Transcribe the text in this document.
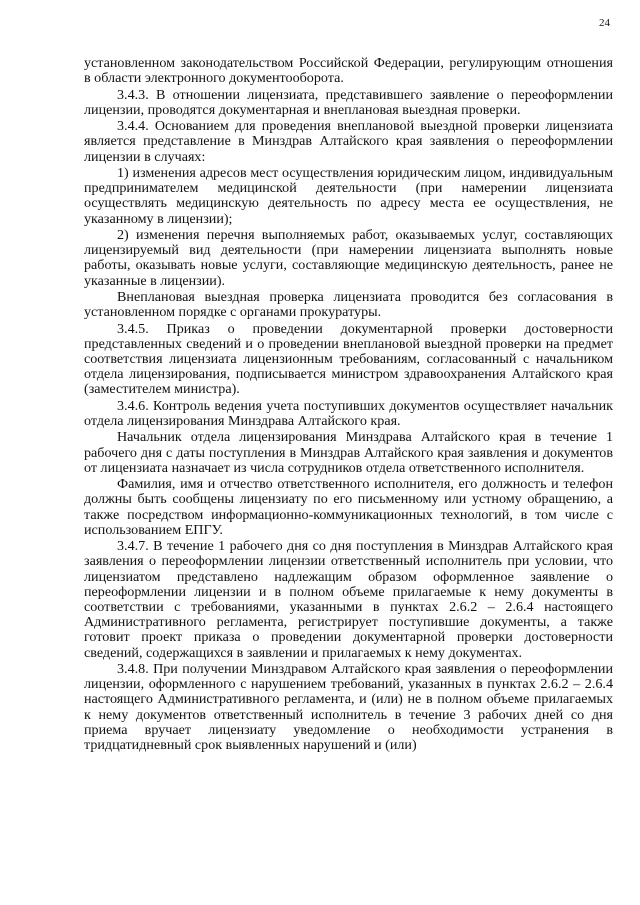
24

установленном законодательством Российской Федерации, регулирующим отношения в области электронного документооборота.

3.4.3. В отношении лицензиата, представившего заявление о переоформлении лицензии, проводятся документарная и внеплановая выездная проверки.

3.4.4. Основанием для проведения внеплановой выездной проверки лицензиата является представление в Минздрав Алтайского края заявления о переоформлении лицензии в случаях:

1) изменения адресов мест осуществления юридическим лицом, индивидуальным предпринимателем медицинской деятельности (при намерении лицензиата осуществлять медицинскую деятельность по адресу места ее осуществления, не указанному в лицензии);

2) изменения перечня выполняемых работ, оказываемых услуг, составляющих лицензируемый вид деятельности (при намерении лицензиата выполнять новые работы, оказывать новые услуги, составляющие медицинскую деятельность, ранее не указанные в лицензии).

Внеплановая выездная проверка лицензиата проводится без согласования в установленном порядке с органами прокуратуры.

3.4.5. Приказ о проведении документарной проверки достоверности представленных сведений и о проведении внеплановой выездной проверки на предмет соответствия лицензиата лицензионным требованиям, согласованный с начальником отдела лицензирования, подписывается министром здравоохранения Алтайского края (заместителем министра).

3.4.6. Контроль ведения учета поступивших документов осуществляет начальник отдела лицензирования Минздрава Алтайского края.

Начальник отдела лицензирования Минздрава Алтайского края в течение 1 рабочего дня с даты поступления в Минздрав Алтайского края заявления и документов от лицензиата назначает из числа сотрудников отдела ответственного исполнителя.

Фамилия, имя и отчество ответственного исполнителя, его должность и телефон должны быть сообщены лицензиату по его письменному или устному обращению, а также посредством информационно-коммуникационных технологий, в том числе с использованием ЕПГУ.

3.4.7. В течение 1 рабочего дня со дня поступления в Минздрав Алтайского края заявления о переоформлении лицензии ответственный исполнитель при условии, что лицензиатом представлено надлежащим образом оформленное заявление о переоформлении лицензии и в полном объеме прилагаемые к нему документы в соответствии с требованиями, указанными в пунктах 2.6.2 – 2.6.4 настоящего Административного регламента, регистрирует поступившие документы, а также готовит проект приказа о проведении документарной проверки достоверности сведений, содержащихся в заявлении и прилагаемых к нему документах.

3.4.8. При получении Минздравом Алтайского края заявления о переоформлении лицензии, оформленного с нарушением требований, указанных в пунктах 2.6.2 – 2.6.4 настоящего Административного регламента, и (или) не в полном объеме прилагаемых к нему документов ответственный исполнитель в течение 3 рабочих дней со дня приема вручает лицензиату уведомление о необходимости устранения в тридцатидневный срок выявленных нарушений и (или)
